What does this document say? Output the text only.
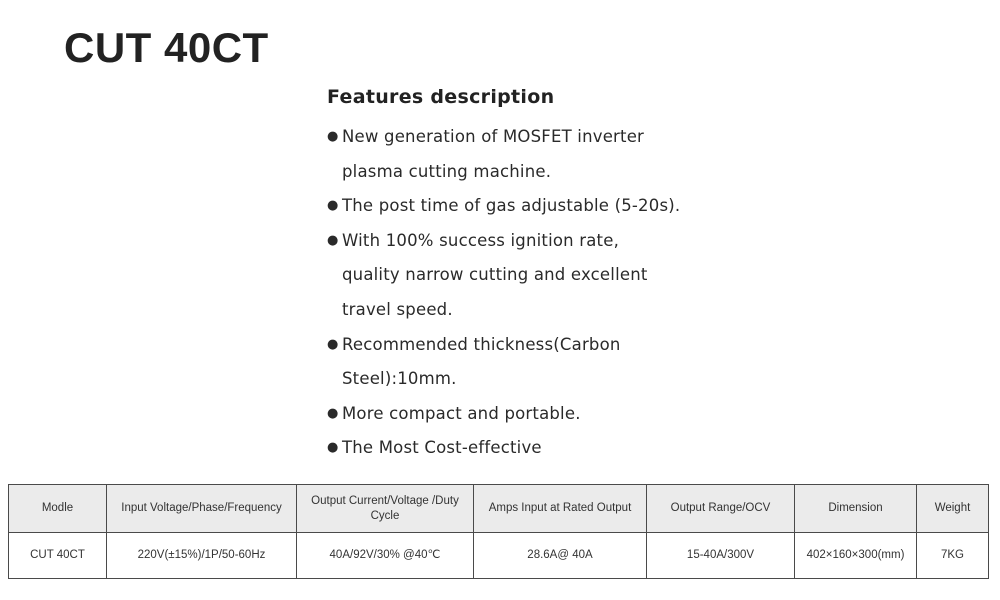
CUT 40CT
Features description
● New generation of MOSFET inverter
plasma cutting machine.
● The post time of gas adjustable (5-20s).
● With 100% success ignition rate,
quality narrow cutting and excellent
travel speed.
● Recommended thickness(Carbon
Steel):10mm.
● More compact and portable.
● The Most Cost-effective
Modle	Input Voltage/Phase/Frequency	Output Current/Voltage /Duty Cycle	Amps Input at Rated Output	Output Range/OCV	Dimension	Weight
CUT 40CT	220V(±15%)/1P/50-60Hz	40A/92V/30% @40℃	28.6A@ 40A	15-40A/300V	402×160×300(mm)	7KG
